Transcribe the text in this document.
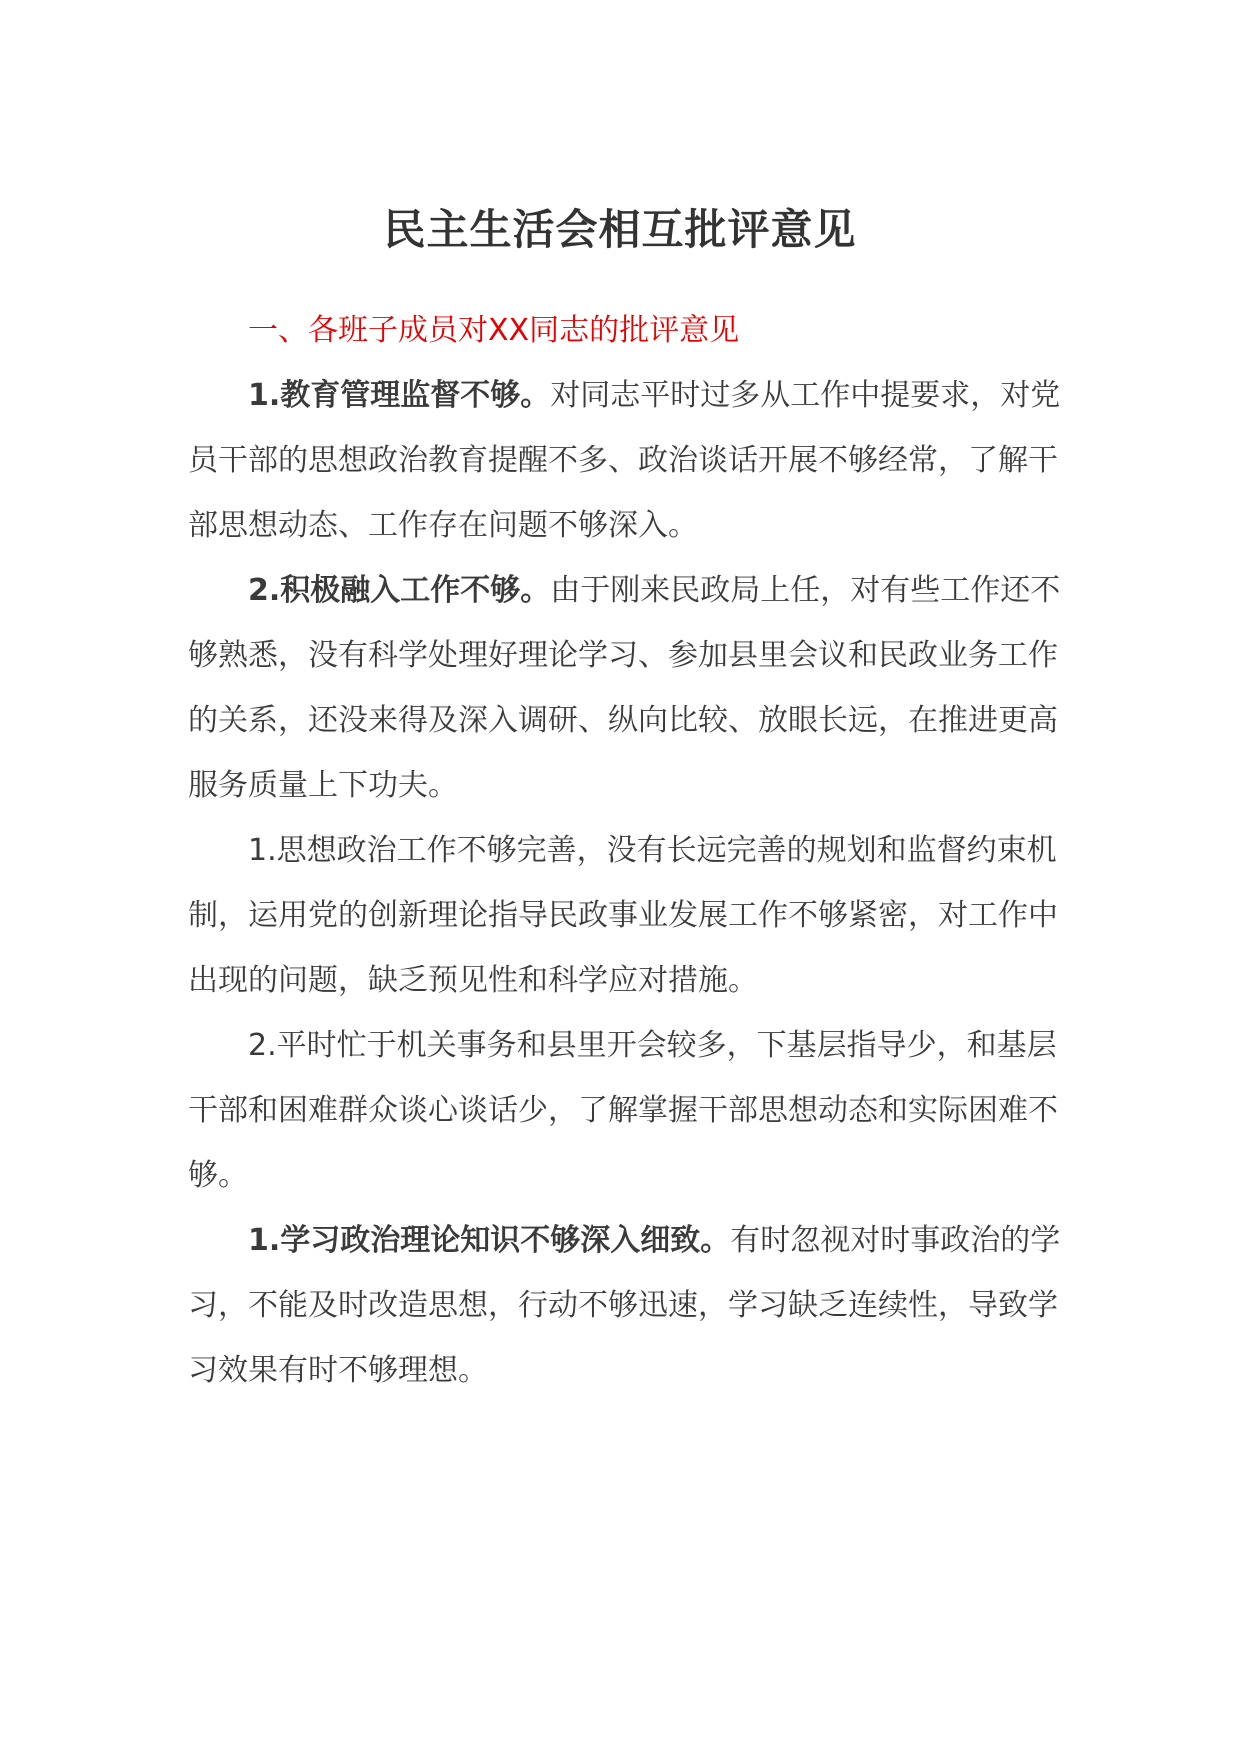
民主生活会相互批评意见

一、各班子成员对XX同志的批评意见

1.教育管理监督不够。对同志平时过多从工作中提要求，对党员干部的思想政治教育提醒不多、政治谈话开展不够经常，了解干部思想动态、工作存在问题不够深入。

2.积极融入工作不够。由于刚来民政局上任，对有些工作还不够熟悉，没有科学处理好理论学习、参加县里会议和民政业务工作的关系，还没来得及深入调研、纵向比较、放眼长远，在推进更高服务质量上下功夫。

1.思想政治工作不够完善，没有长远完善的规划和监督约束机制，运用党的创新理论指导民政事业发展工作不够紧密，对工作中出现的问题，缺乏预见性和科学应对措施。

2.平时忙于机关事务和县里开会较多，下基层指导少，和基层干部和困难群众谈心谈话少，了解掌握干部思想动态和实际困难不够。

1.学习政治理论知识不够深入细致。有时忽视对时事政治的学习，不能及时改造思想，行动不够迅速，学习缺乏连续性，导致学习效果有时不够理想。
